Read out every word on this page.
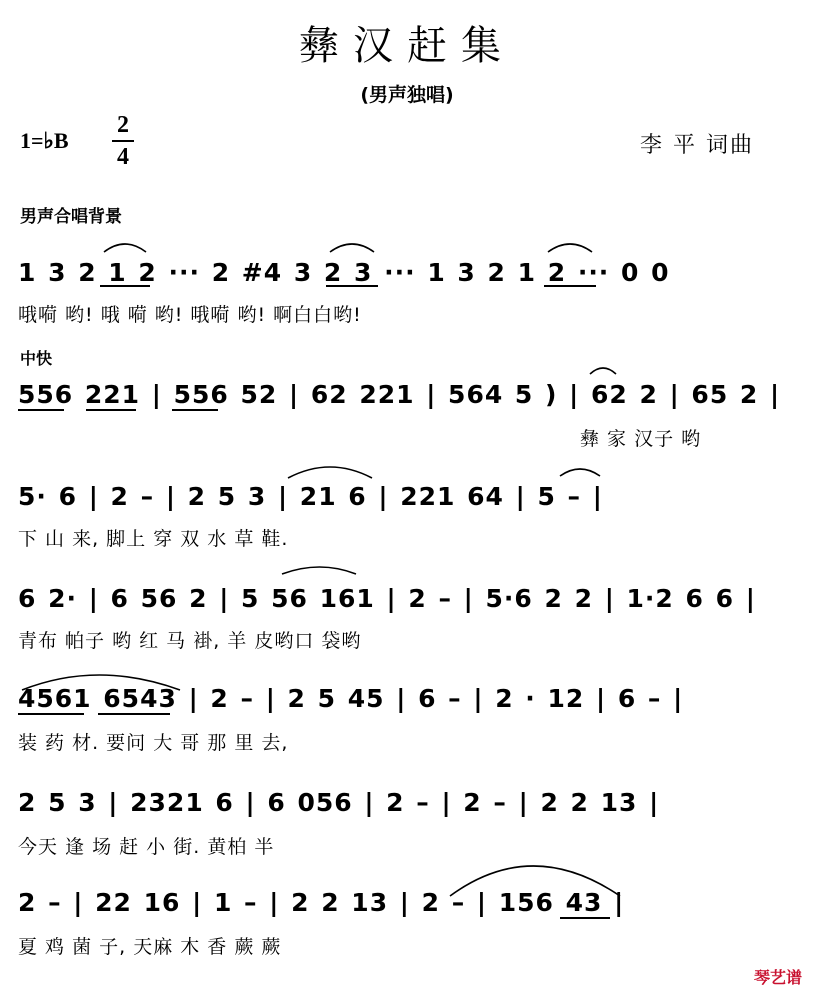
彝汉赶集
(男声独唱)
1=♭B
2
4	李 平 词曲
男声合唱背景
中快
1 3 2 1 2 ··· 2 #4 3 2 3 ··· 1 3 2 1 2 ··· 0 0
哦嗬 哟! 哦 嗬 哟! 哦嗬 哟! 啊白白哟!
556 221 | 556 52 | 62 221 | 564 5 ) | 62 2 | 65 2 |
彝 家 汉子 哟
5· 6 | 2 – | 2 5 3 | 21 6 | 221 64 | 5 – |
下 山 来, 脚上 穿 双 水 草 鞋.
6 2· | 6 56 2 | 5 56 161 | 2 – | 5·6 2 2 | 1·2 6 6 |
青布 帕子 哟 红 马 褂, 羊 皮哟口 袋哟
4561 6543 | 2 – | 2 5 45 | 6 – | 2 · 12 | 6 – |
装 药 材. 要问 大 哥 那 里 去,
2 5 3 | 2321 6 | 6 056 | 2 – | 2 – | 2 2 13 |
今天 逢 场 赶 小 街. 黄柏 半
2 – | 22 16 | 1 – | 2 2 13 | 2 – | 156 43 |
夏 鸡 菌 子, 天麻 木 香 蕨 蕨
琴艺谱
